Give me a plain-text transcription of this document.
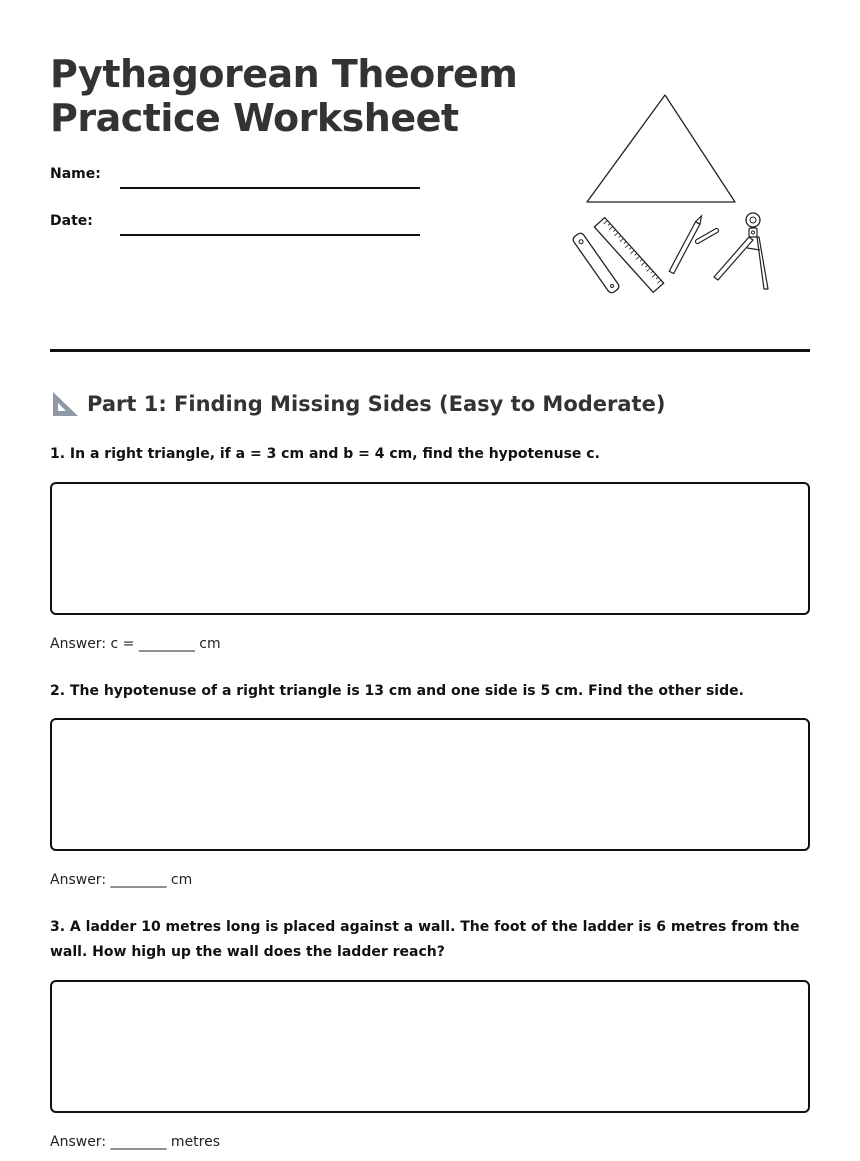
Pythagorean Theorem
Practice Worksheet
Name:
Date:
Part 1: Finding Missing Sides (Easy to Moderate)
1. In a right triangle, if a = 3 cm and b = 4 cm, find the hypotenuse c.
Answer: c = ________ cm
2. The hypotenuse of a right triangle is 13 cm and one side is 5 cm. Find the other side.
Answer: ________ cm
3. A ladder 10 metres long is placed against a wall. The foot of the ladder is 6 metres from the wall. How high up the wall does the ladder reach?
Answer: ________ metres
